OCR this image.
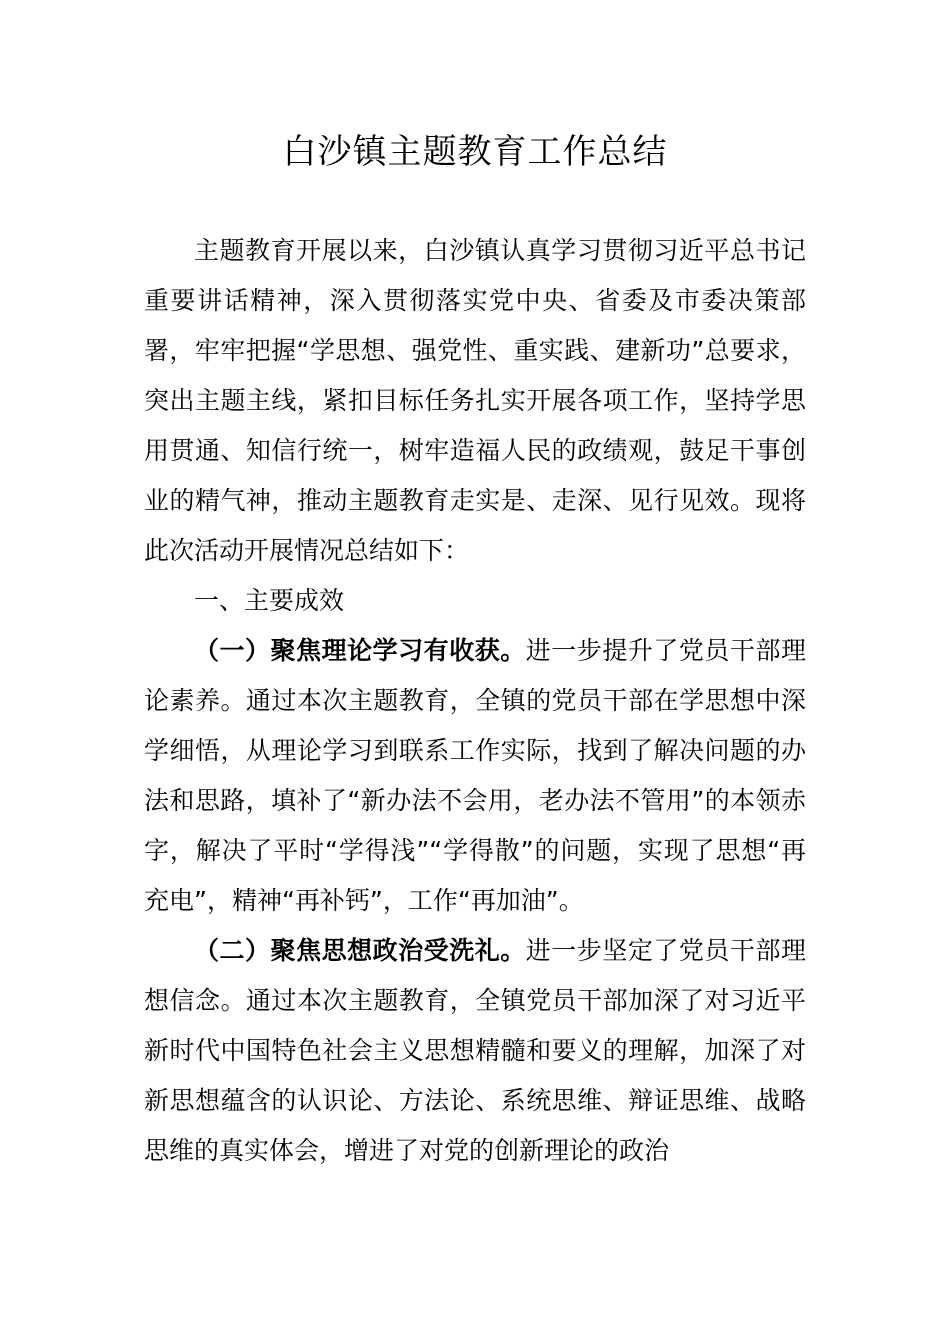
白沙镇主题教育工作总结

主题教育开展以来，白沙镇认真学习贯彻习近平总书记重要讲话精神，深入贯彻落实党中央、省委及市委决策部署，牢牢把握“学思想、强党性、重实践、建新功”总要求，突出主题主线，紧扣目标任务扎实开展各项工作，坚持学思用贯通、知信行统一，树牢造福人民的政绩观，鼓足干事创业的精气神，推动主题教育走实是、走深、见行见效。现将此次活动开展情况总结如下：

一、主要成效

（一）聚焦理论学习有收获。进一步提升了党员干部理论素养。通过本次主题教育，全镇的党员干部在学思想中深学细悟，从理论学习到联系工作实际，找到了解决问题的办法和思路，填补了“新办法不会用，老办法不管用”的本领赤字，解决了平时“学得浅”“学得散”的问题，实现了思想“再充电”，精神“再补钙”，工作“再加油”。

（二）聚焦思想政治受洗礼。进一步坚定了党员干部理想信念。通过本次主题教育，全镇党员干部加深了对习近平新时代中国特色社会主义思想精髓和要义的理解，加深了对新思想蕴含的认识论、方法论、系统思维、辩证思维、战略思维的真实体会，增进了对党的创新理论的政治
